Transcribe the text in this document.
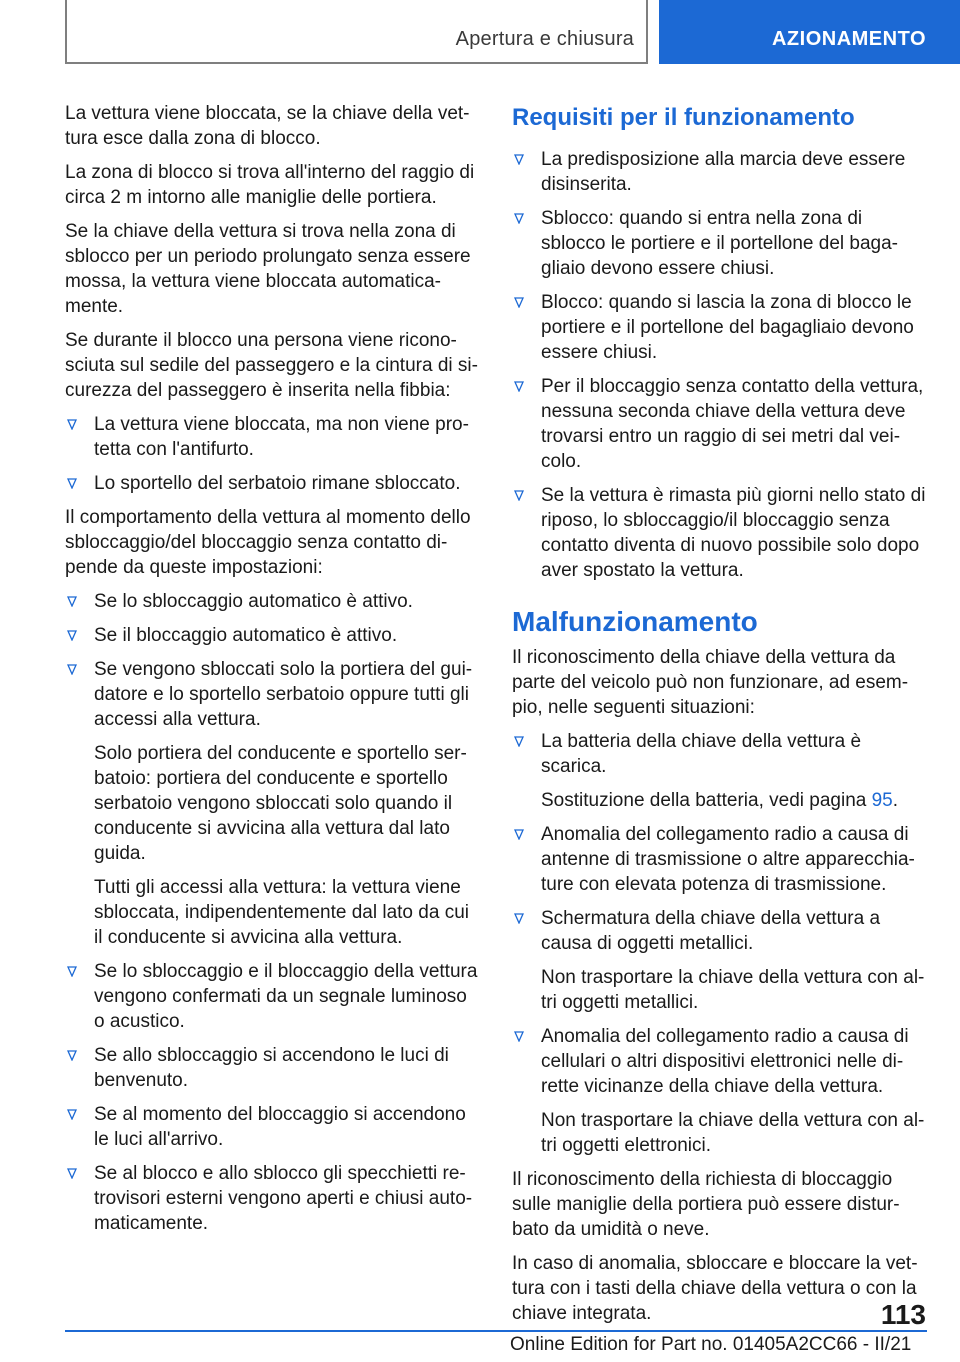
Apertura e chiusura	AZIONAMENTO

La vettura viene bloccata, se la chiave della vet-tura esce dalla zona di blocco.

La zona di blocco si trova all'interno del raggio di circa 2 m intorno alle maniglie delle portiera.

Se la chiave della vettura si trova nella zona di sblocco per un periodo prolungato senza essere mossa, la vettura viene bloccata automatica-mente.

Se durante il blocco una persona viene ricono-sciuta sul sedile del passeggero e la cintura di si-curezza del passeggero è inserita nella fibbia:

La vettura viene bloccata, ma non viene pro-tetta con l'antifurto.
Lo sportello del serbatoio rimane sbloccato.

Il comportamento della vettura al momento dello sbloccaggio/del bloccaggio senza contatto di-pende da queste impostazioni:

Se lo sbloccaggio automatico è attivo.
Se il bloccaggio automatico è attivo.
Se vengono sbloccati solo la portiera del gui-datore e lo sportello serbatoio oppure tutti gli accessi alla vettura.

Solo portiera del conducente e sportello ser-batoio: portiera del conducente e sportello serbatoio vengono sbloccati solo quando il conducente si avvicina alla vettura dal lato guida.

Tutti gli accessi alla vettura: la vettura viene sbloccata, indipendentemente dal lato da cui il conducente si avvicina alla vettura.

Se lo sbloccaggio e il bloccaggio della vettura vengono confermati da un segnale luminoso o acustico.
Se allo sbloccaggio si accendono le luci di benvenuto.
Se al momento del bloccaggio si accendono le luci all'arrivo.
Se al blocco e allo sblocco gli specchietti re-trovisori esterni vengono aperti e chiusi auto-maticamente.
Requisiti per il funzionamento
La predisposizione alla marcia deve essere disinserita.
Sblocco: quando si entra nella zona di sblocco le portiere e il portellone del baga-gliaio devono essere chiusi.
Blocco: quando si lascia la zona di blocco le portiere e il portellone del bagagliaio devono essere chiusi.
Per il bloccaggio senza contatto della vettura, nessuna seconda chiave della vettura deve trovarsi entro un raggio di sei metri dal vei-colo.
Se la vettura è rimasta più giorni nello stato di riposo, lo sbloccaggio/il bloccaggio senza contatto diventa di nuovo possibile solo dopo aver spostato la vettura.
Malfunzionamento

Il riconoscimento della chiave della vettura da parte del veicolo può non funzionare, ad esem-pio, nelle seguenti situazioni:

La batteria della chiave della vettura è scarica.

Sostituzione della batteria, vedi pagina 95.

Anomalia del collegamento radio a causa di antenne di trasmissione o altre apparecchia-ture con elevata potenza di trasmissione.
Schermatura della chiave della vettura a causa di oggetti metallici.

Non trasportare la chiave della vettura con al-tri oggetti metallici.

Anomalia del collegamento radio a causa di cellulari o altri dispositivi elettronici nelle di-rette vicinanze della chiave della vettura.

Non trasportare la chiave della vettura con al-tri oggetti elettronici.

Il riconoscimento della richiesta di bloccaggio sulle maniglie della portiera può essere distur-bato da umidità o neve.

In caso di anomalia, sbloccare e bloccare la vet-tura con i tasti della chiave della vettura o con la chiave integrata.	113
Online Edition for Part no. 01405A2CC66 - II/21
